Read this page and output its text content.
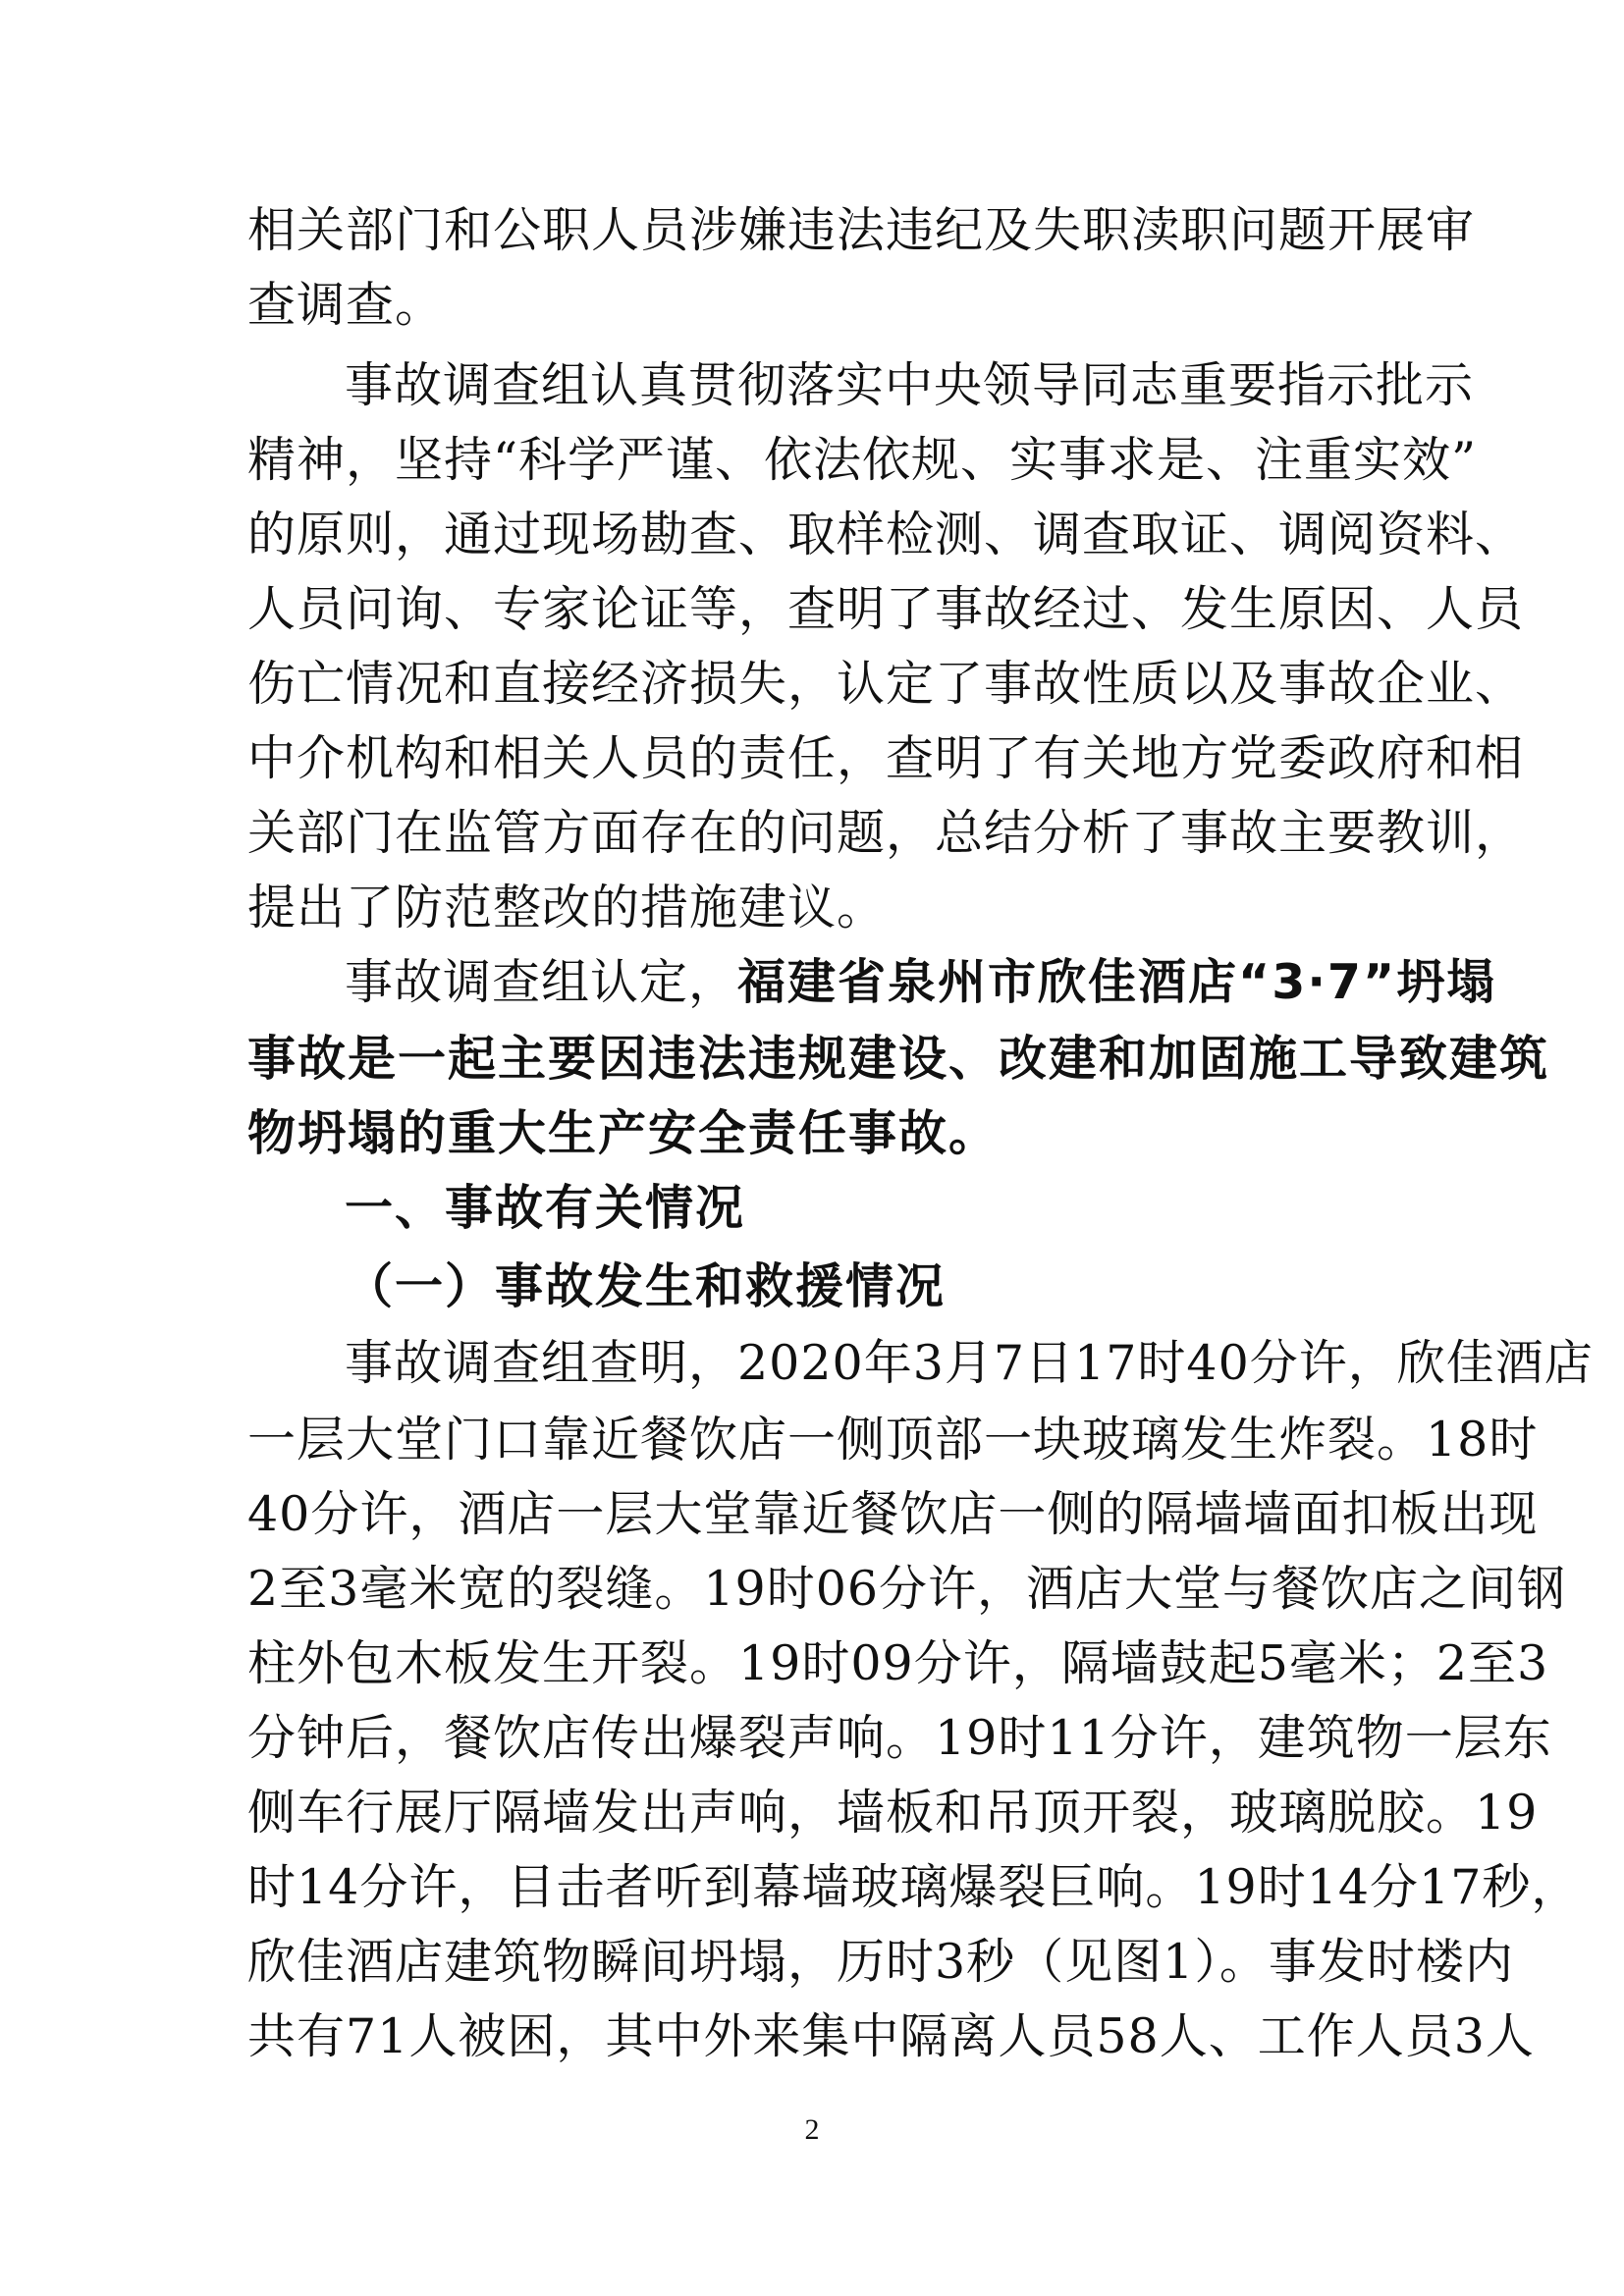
相关部门和公职人员涉嫌违法违纪及失职渎职问题开展审
查调查。
事故调查组认真贯彻落实中央领导同志重要指示批示
精神，坚持“科学严谨、依法依规、实事求是、注重实效”
的原则，通过现场勘查、取样检测、调查取证、调阅资料、
人员问询、专家论证等，查明了事故经过、发生原因、人员
伤亡情况和直接经济损失，认定了事故性质以及事故企业、
中介机构和相关人员的责任，查明了有关地方党委政府和相
关部门在监管方面存在的问题，总结分析了事故主要教训，
提出了防范整改的措施建议。
事故调查组认定，福建省泉州市欣佳酒店“3·7”坍塌
事故是一起主要因违法违规建设、改建和加固施工导致建筑
物坍塌的重大生产安全责任事故。
一、事故有关情况
（一）事故发生和救援情况
事故调查组查明，2020年3月7日17时40分许，欣佳酒店
一层大堂门口靠近餐饮店一侧顶部一块玻璃发生炸裂。18时
40分许，酒店一层大堂靠近餐饮店一侧的隔墙墙面扣板出现
2至3毫米宽的裂缝。19时06分许，酒店大堂与餐饮店之间钢
柱外包木板发生开裂。19时09分许，隔墙鼓起5毫米；2至3
分钟后，餐饮店传出爆裂声响。19时11分许，建筑物一层东
侧车行展厅隔墙发出声响，墙板和吊顶开裂，玻璃脱胶。19
时14分许，目击者听到幕墙玻璃爆裂巨响。19时14分17秒，
欣佳酒店建筑物瞬间坍塌，历时3秒（见图1）。事发时楼内
共有71人被困，其中外来集中隔离人员58人、工作人员3人
2
